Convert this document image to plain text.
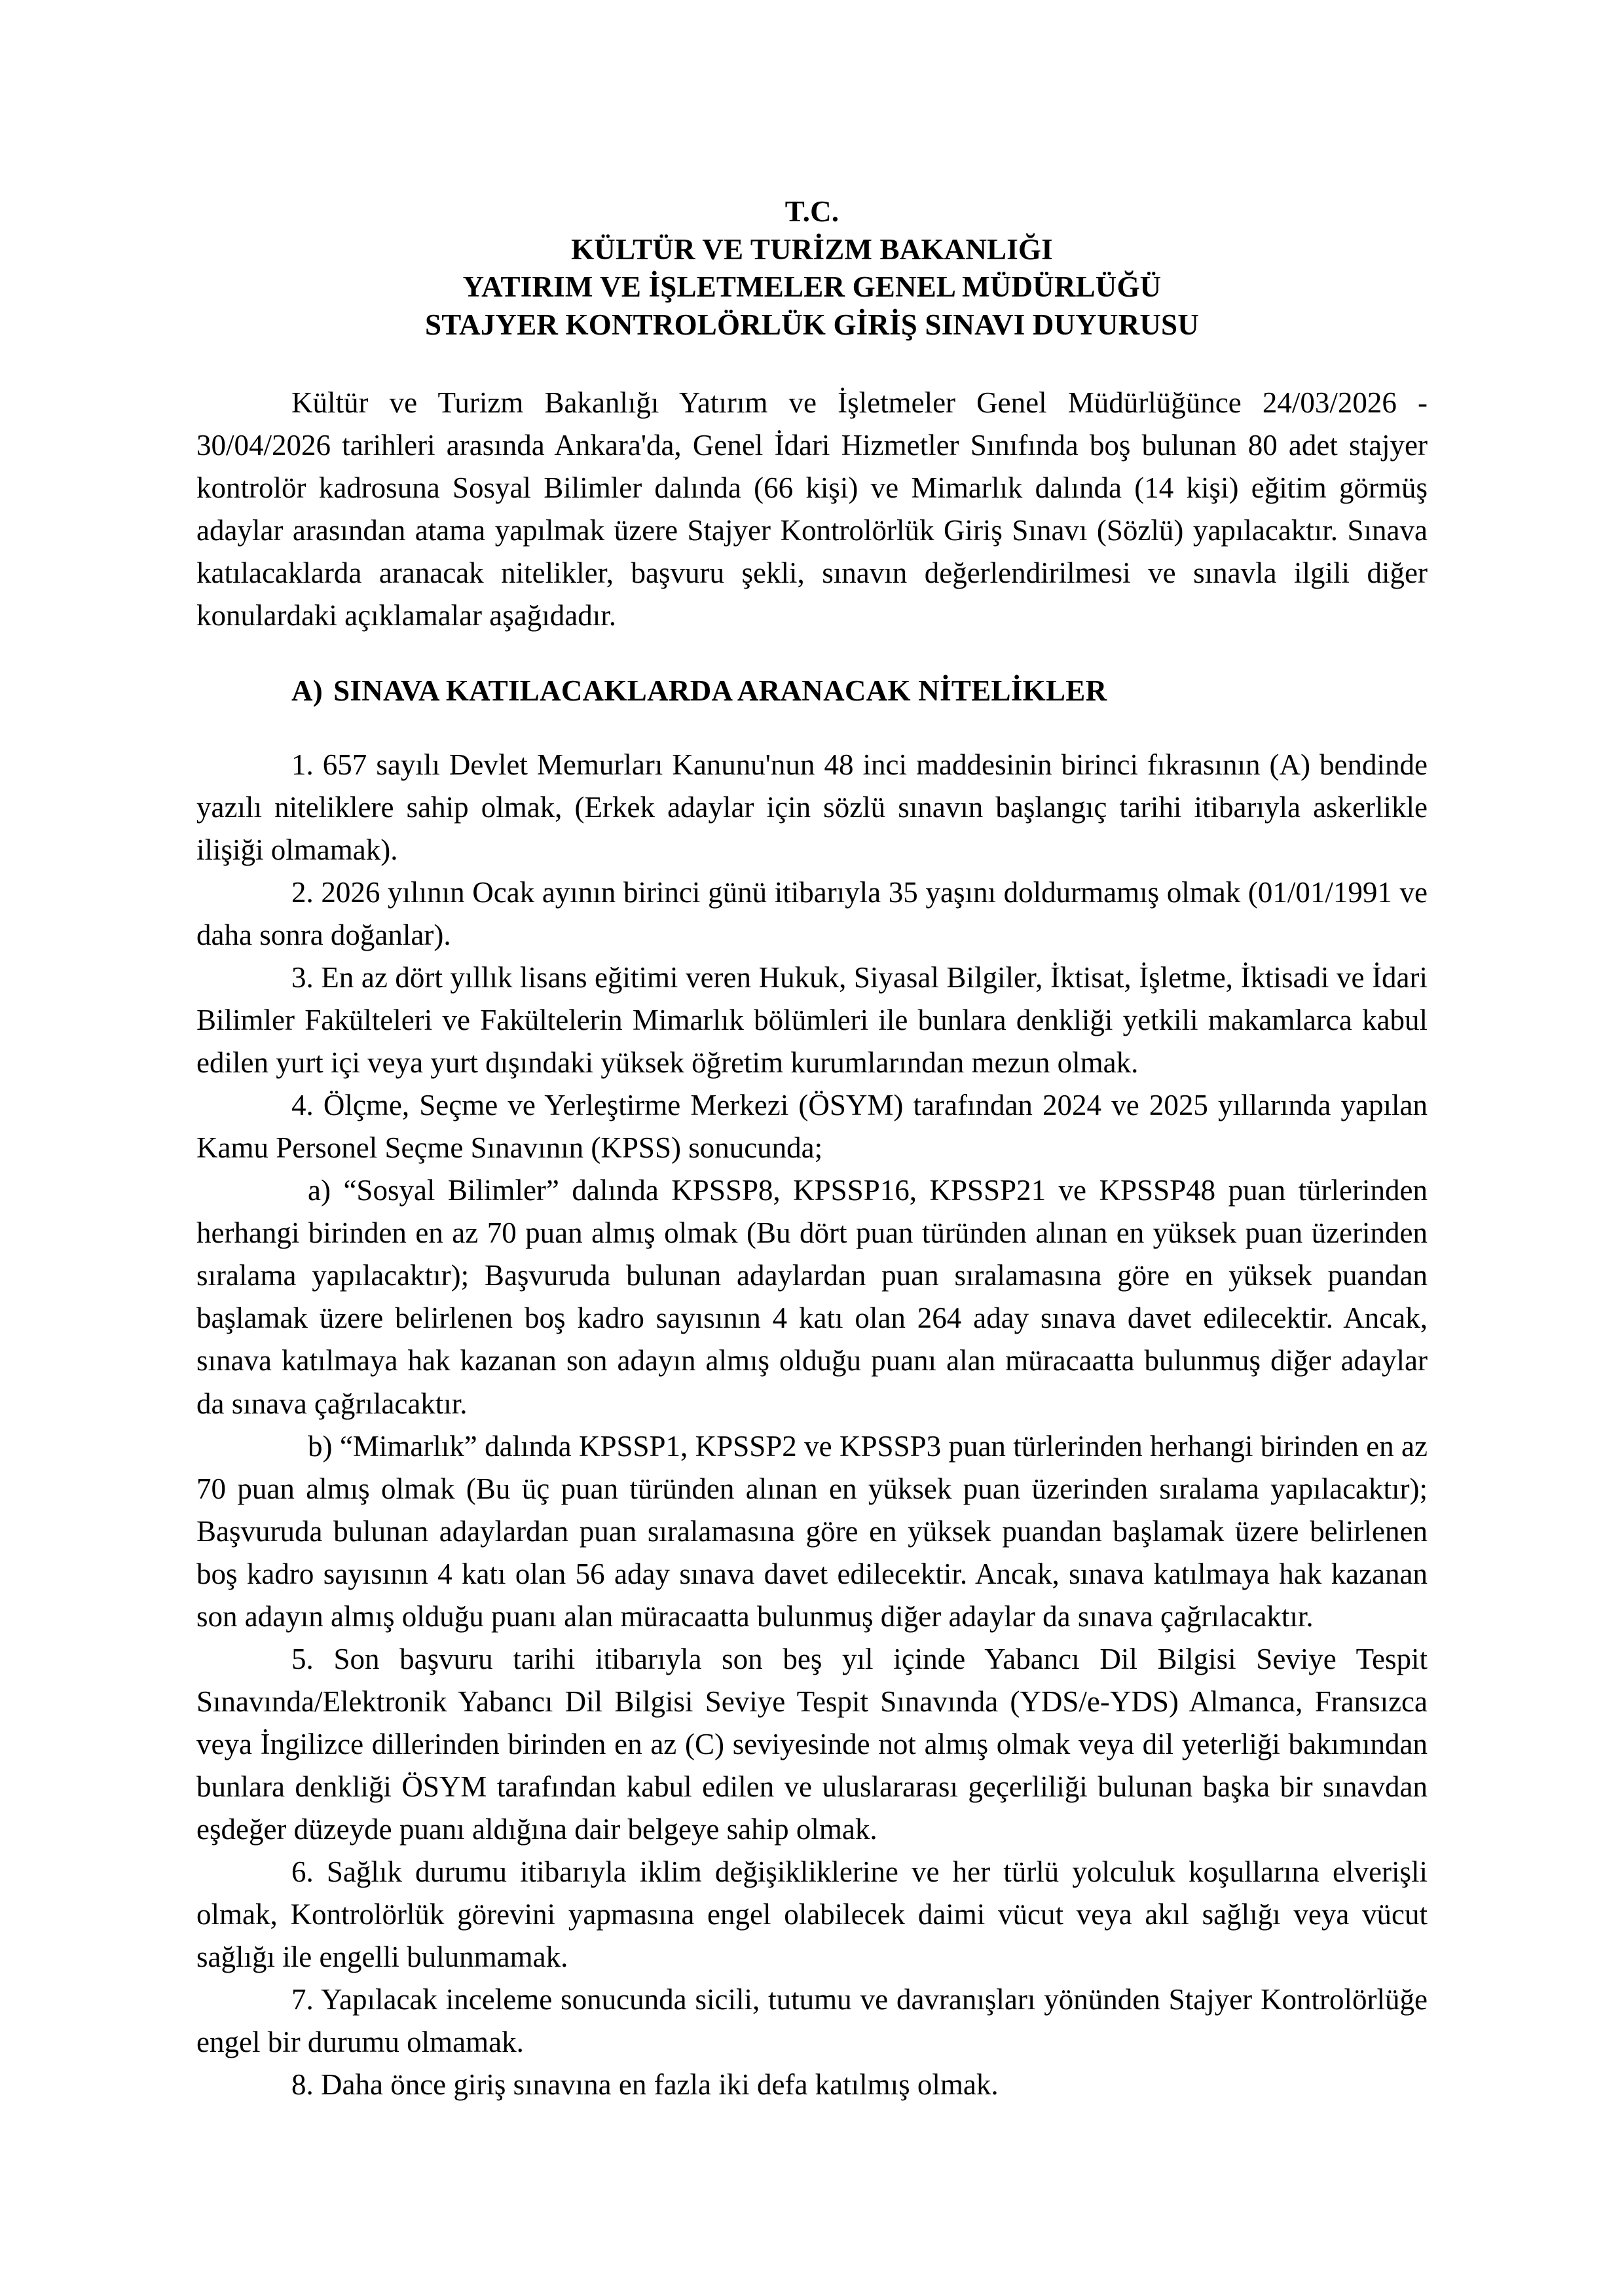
T.C.
KÜLTÜR VE TURİZM BAKANLIĞI
YATIRIM VE İŞLETMELER GENEL MÜDÜRLÜĞÜ
STAJYER KONTROLÖRLÜK GİRİŞ SINAVI DUYURUSU

Kültür ve Turizm Bakanlığı Yatırım ve İşletmeler Genel Müdürlüğünce 24/03/2026 - 30/04/2026 tarihleri arasında Ankara'da, Genel İdari Hizmetler Sınıfında boş bulunan 80 adet stajyer kontrolör kadrosuna Sosyal Bilimler dalında (66 kişi) ve Mimarlık dalında (14 kişi) eğitim görmüş adaylar arasından atama yapılmak üzere Stajyer Kontrolörlük Giriş Sınavı (Sözlü) yapılacaktır. Sınava katılacaklarda aranacak nitelikler, başvuru şekli, sınavın değerlendirilmesi ve sınavla ilgili diğer konulardaki açıklamalar aşağıdadır.

A) SINAVA KATILACAKLARDA ARANACAK NİTELİKLER

1. 657 sayılı Devlet Memurları Kanunu'nun 48 inci maddesinin birinci fıkrasının (A) bendinde yazılı niteliklere sahip olmak, (Erkek adaylar için sözlü sınavın başlangıç tarihi itibarıyla askerlikle ilişiği olmamak).

2. 2026 yılının Ocak ayının birinci günü itibarıyla 35 yaşını doldurmamış olmak (01/01/1991 ve daha sonra doğanlar).

3. En az dört yıllık lisans eğitimi veren Hukuk, Siyasal Bilgiler, İktisat, İşletme, İktisadi ve İdari Bilimler Fakülteleri ve Fakültelerin Mimarlık bölümleri ile bunlara denkliği yetkili makamlarca kabul edilen yurt içi veya yurt dışındaki yüksek öğretim kurumlarından mezun olmak.

4. Ölçme, Seçme ve Yerleştirme Merkezi (ÖSYM) tarafından 2024 ve 2025 yıllarında yapılan Kamu Personel Seçme Sınavının (KPSS) sonucunda;

a) “Sosyal Bilimler” dalında KPSSP8, KPSSP16, KPSSP21 ve KPSSP48 puan türlerinden herhangi birinden en az 70 puan almış olmak (Bu dört puan türünden alınan en yüksek puan üzerinden sıralama yapılacaktır); Başvuruda bulunan adaylardan puan sıralamasına göre en yüksek puandan başlamak üzere belirlenen boş kadro sayısının 4 katı olan 264 aday sınava davet edilecektir. Ancak, sınava katılmaya hak kazanan son adayın almış olduğu puanı alan müracaatta bulunmuş diğer adaylar da sınava çağrılacaktır.

b) “Mimarlık” dalında KPSSP1, KPSSP2 ve KPSSP3 puan türlerinden herhangi birinden en az 70 puan almış olmak (Bu üç puan türünden alınan en yüksek puan üzerinden sıralama yapılacaktır); Başvuruda bulunan adaylardan puan sıralamasına göre en yüksek puandan başlamak üzere belirlenen boş kadro sayısının 4 katı olan 56 aday sınava davet edilecektir. Ancak, sınava katılmaya hak kazanan son adayın almış olduğu puanı alan müracaatta bulunmuş diğer adaylar da sınava çağrılacaktır.

5. Son başvuru tarihi itibarıyla son beş yıl içinde Yabancı Dil Bilgisi Seviye Tespit Sınavında/Elektronik Yabancı Dil Bilgisi Seviye Tespit Sınavında (YDS/e-YDS) Almanca, Fransızca veya İngilizce dillerinden birinden en az (C) seviyesinde not almış olmak veya dil yeterliği bakımından bunlara denkliği ÖSYM tarafından kabul edilen ve uluslararası geçerliliği bulunan başka bir sınavdan eşdeğer düzeyde puanı aldığına dair belgeye sahip olmak.

6. Sağlık durumu itibarıyla iklim değişikliklerine ve her türlü yolculuk koşullarına elverişli olmak, Kontrolörlük görevini yapmasına engel olabilecek daimi vücut veya akıl sağlığı veya vücut sağlığı ile engelli bulunmamak.

7. Yapılacak inceleme sonucunda sicili, tutumu ve davranışları yönünden Stajyer Kontrolörlüğe engel bir durumu olmamak.

8. Daha önce giriş sınavına en fazla iki defa katılmış olmak.
